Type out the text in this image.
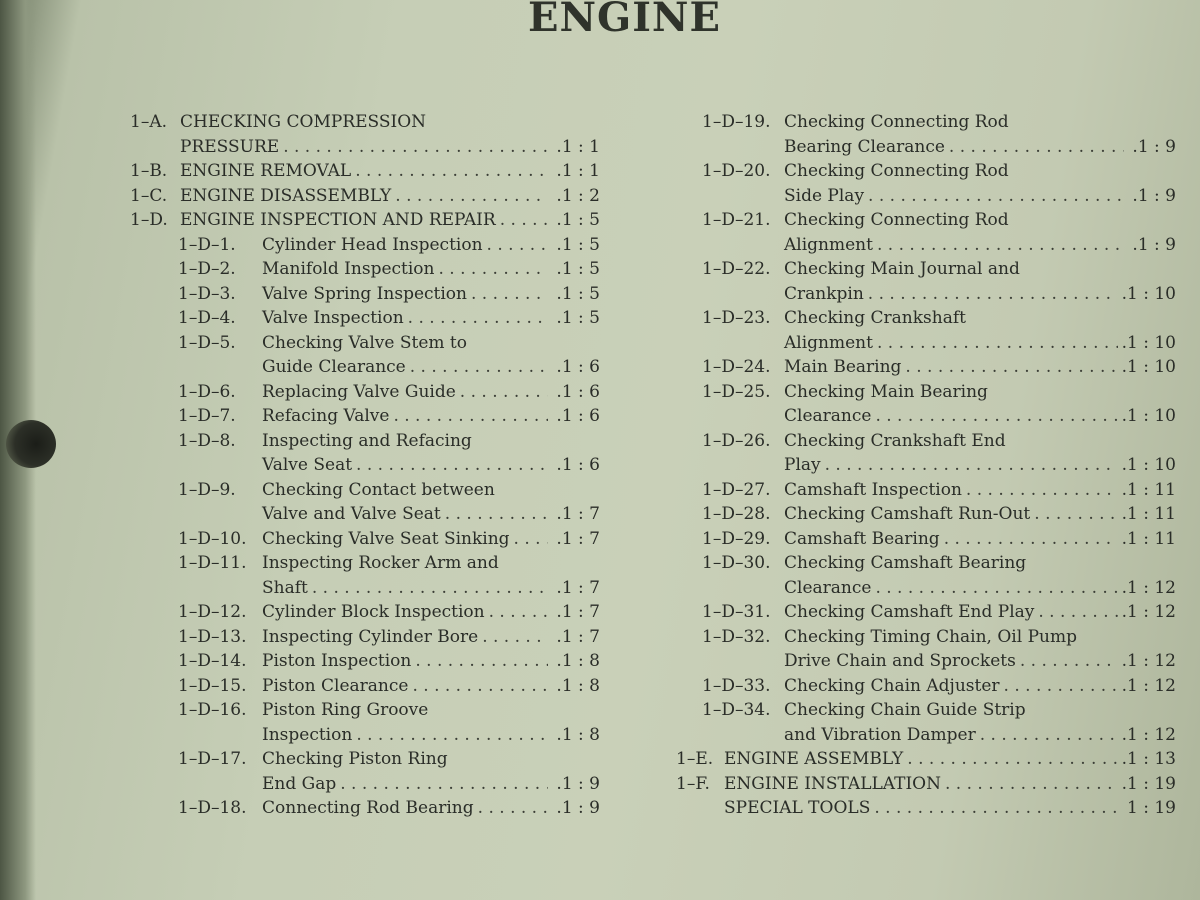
ENGINE
1–A. CHECKING COMPRESSION
PRESSURE . . .	.1 : 1
1–B. ENGINE REMOVAL . . .	.1 : 1
1–C. ENGINE DISASSEMBLY . . .	.1 : 2
1–D. ENGINE INSPECTION AND REPAIR . . .	.1 : 5
1–D–1.	Cylinder Head Inspection . . .	.1 : 5
1–D–2.	Manifold Inspection . . .	.1 : 5
1–D–3.	Valve Spring Inspection . . .	.1 : 5
1–D–4.	Valve Inspection . . .	.1 : 5
1–D–5.	Checking Valve Stem to
Guide Clearance . . .	.1 : 6
1–D–6.	Replacing Valve Guide . . .	.1 : 6
1–D–7.	Refacing Valve . . .	.1 : 6
1–D–8.	Inspecting and Refacing
Valve Seat . . .	.1 : 6
1–D–9.	Checking Contact between
Valve and Valve Seat . . .	.1 : 7
1–D–10. Checking Valve Seat Sinking . . .	.1 : 7
1–D–11. Inspecting Rocker Arm and
Shaft . . .	.1 : 7
1–D–12. Cylinder Block Inspection . . .	.1 : 7
1–D–13. Inspecting Cylinder Bore . . .	.1 : 7
1–D–14. Piston Inspection . . .	.1 : 8
1–D–15. Piston Clearance . . .	.1 : 8
1–D–16. Piston Ring Groove
Inspection . . .	.1 : 8
1–D–17. Checking Piston Ring
End Gap . . .	.1 : 9
1–D–18. Connecting Rod Bearing . . .	.1 : 9
1–D–19. Checking Connecting Rod
Bearing Clearance . . .	.1 : 9
1–D–20. Checking Connecting Rod
Side Play . . .	.1 : 9
1–D–21. Checking Connecting Rod
Alignment . . .	.1 : 9
1–D–22. Checking Main Journal and
Crankpin . . .	.1 : 10
1–D–23. Checking Crankshaft
Alignment . . .	.1 : 10
1–D–24. Main Bearing . . .	.1 : 10
1–D–25. Checking Main Bearing
Clearance . . .	.1 : 10
1–D–26. Checking Crankshaft End
Play . . .	.1 : 10
1–D–27. Camshaft Inspection . . .	.1 : 11
1–D–28. Checking Camshaft Run-Out . . .	.1 : 11
1–D–29. Camshaft Bearing . . .	.1 : 11
1–D–30. Checking Camshaft Bearing
Clearance . . .	.1 : 12
1–D–31. Checking Camshaft End Play . . .	.1 : 12
1–D–32. Checking Timing Chain, Oil Pump
Drive Chain and Sprockets . . .	.1 : 12
1–D–33. Checking Chain Adjuster . . .	.1 : 12
1–D–34. Checking Chain Guide Strip
and Vibration Damper . . .	.1 : 12
1–E. ENGINE ASSEMBLY . . .	.1 : 13
1–F. ENGINE INSTALLATION . . .	.1 : 19
SPECIAL TOOLS . . .	1 : 19
